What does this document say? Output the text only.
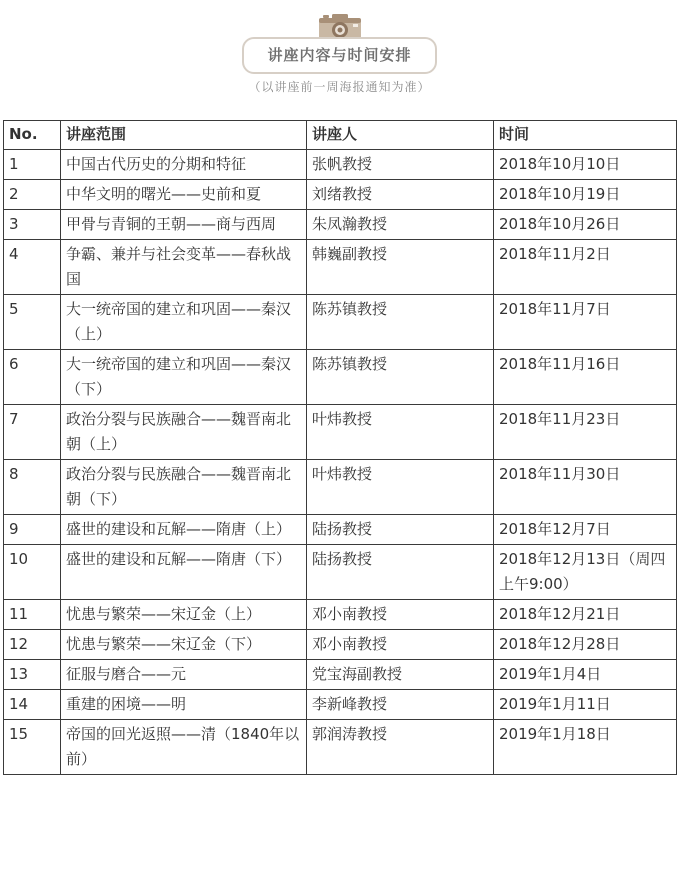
讲座内容与时间安排
（以讲座前一周海报通知为准）
No.	讲座范围	讲座人	时间
1	中国古代历史的分期和特征	张帆教授	2018年10月10日
2	中华文明的曙光——史前和夏	刘绪教授	2018年10月19日
3	甲骨与青铜的王朝——商与西周	朱凤瀚教授	2018年10月26日
4	争霸、兼并与社会变革——春秋战国	韩巍副教授	2018年11月2日
5	大一统帝国的建立和巩固——秦汉（上）	陈苏镇教授	2018年11月7日
6	大一统帝国的建立和巩固——秦汉（下）	陈苏镇教授	2018年11月16日
7	政治分裂与民族融合——魏晋南北朝（上）	叶炜教授	2018年11月23日
8	政治分裂与民族融合——魏晋南北朝（下）	叶炜教授	2018年11月30日
9	盛世的建设和瓦解——隋唐（上）	陆扬教授	2018年12月7日
10	盛世的建设和瓦解——隋唐（下）	陆扬教授	2018年12月13日（周四上午9:00）
11	忧患与繁荣——宋辽金（上）	邓小南教授	2018年12月21日
12	忧患与繁荣——宋辽金（下）	邓小南教授	2018年12月28日
13	征服与磨合——元	党宝海副教授	2019年1月4日
14	重建的困境——明	李新峰教授	2019年1月11日
15	帝国的回光返照——清（1840年以前）	郭润涛教授	2019年1月18日
